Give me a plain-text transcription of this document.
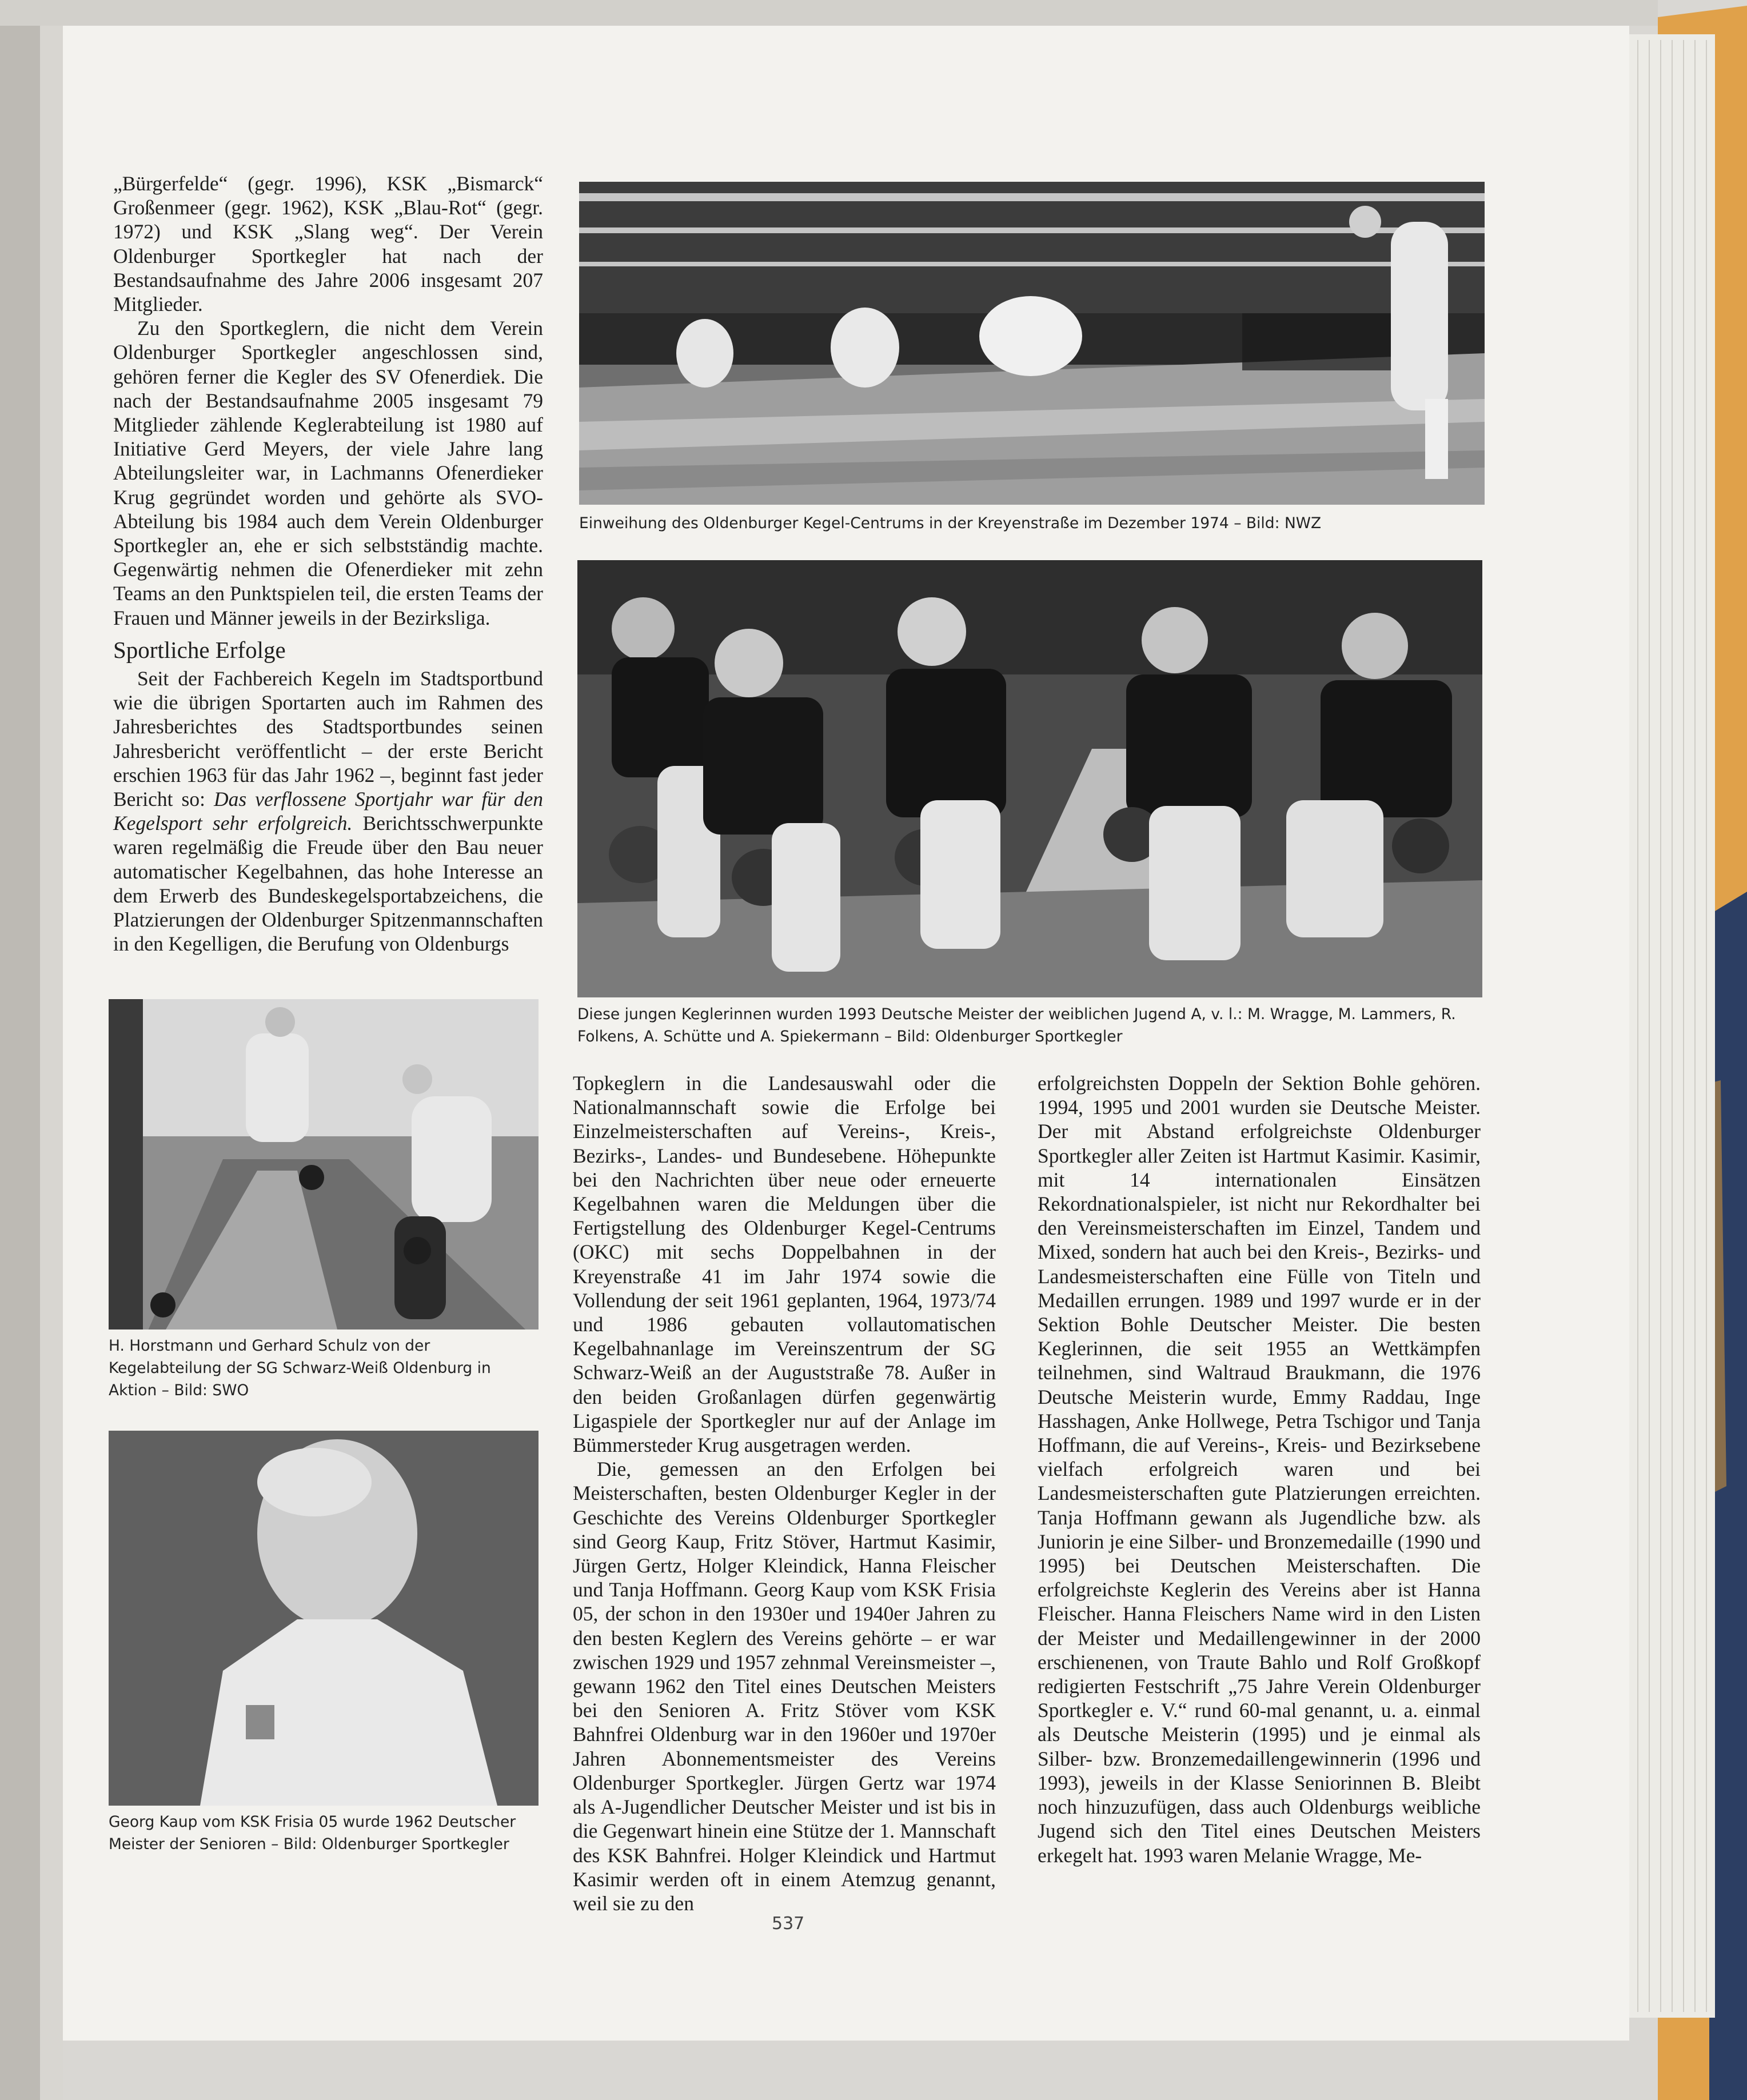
„Bürgerfelde“ (gegr. 1996), KSK „Bismarck“ Großenmeer (gegr. 1962), KSK „Blau-Rot“ (gegr. 1972) und KSK „Slang weg“. Der Verein Oldenburger Sportkegler hat nach der Bestandsaufnahme des Jahre 2006 insgesamt 207 Mitglieder.

Zu den Sportkeglern, die nicht dem Verein Oldenburger Sportkegler angeschlossen sind, gehören ferner die Kegler des SV Ofenerdiek. Die nach der Bestandsaufnahme 2005 insgesamt 79 Mitglieder zählende Keglerabteilung ist 1980 auf Initiative Gerd Meyers, der viele Jahre lang Abteilungsleiter war, in Lachmanns Ofenerdieker Krug gegründet worden und gehörte als SVO-Abteilung bis 1984 auch dem Verein Oldenburger Sportkegler an, ehe er sich selbstständig machte. Gegenwärtig nehmen die Ofenerdieker mit zehn Teams an den Punktspielen teil, die ersten Teams der Frauen und Männer jeweils in der Bezirksliga.

Sportliche Erfolge

Seit der Fachbereich Kegeln im Stadtsportbund wie die übrigen Sportarten auch im Rahmen des Jahresberichtes des Stadtsportbundes seinen Jahresbericht veröffentlicht – der erste Bericht erschien 1963 für das Jahr 1962 –, beginnt fast jeder Bericht so: Das verflossene Sportjahr war für den Kegelsport sehr erfolgreich. Berichtsschwerpunkte waren regelmäßig die Freude über den Bau neuer automatischer Kegelbahnen, das hohe Interesse an dem Erwerb des Bundeskegelsportabzeichens, die Platzierungen der Oldenburger Spitzenmannschaften in den Kegelligen, die Berufung von Oldenburgs

Einweihung des Oldenburger Kegel-Centrums in der Kreyenstraße im Dezember 1974 – Bild: NWZ
Diese jungen Keglerinnen wurden 1993 Deutsche Meister der weiblichen Jugend A, v. l.: M. Wragge, M. Lammers, R. Folkens, A. Schütte und A. Spiekermann – Bild: Oldenburger Sportkegler
H. Horstmann und Gerhard Schulz von der Kegelabteilung der SG Schwarz-Weiß Oldenburg in Aktion – Bild: SWO
Georg Kaup vom KSK Frisia 05 wurde 1962 Deutscher Meister der Senioren – Bild: Oldenburger Sportkegler

Topkeglern in die Landesauswahl oder die Nationalmannschaft sowie die Erfolge bei Einzelmeisterschaften auf Vereins-, Kreis-, Bezirks-, Landes- und Bundesebene. Höhepunkte bei den Nachrichten über neue oder erneuerte Kegelbahnen waren die Meldungen über die Fertigstellung des Oldenburger Kegel-Centrums (OKC) mit sechs Doppelbahnen in der Kreyenstraße 41 im Jahr 1974 sowie die Vollendung der seit 1961 geplanten, 1964, 1973/74 und 1986 gebauten vollautomatischen Kegelbahnanlage im Vereinszentrum der SG Schwarz-Weiß an der Auguststraße 78. Außer in den beiden Großanlagen dürfen gegenwärtig Ligaspiele der Sportkegler nur auf der Anlage im Bümmersteder Krug ausgetragen werden.

Die, gemessen an den Erfolgen bei Meisterschaften, besten Oldenburger Kegler in der Geschichte des Vereins Oldenburger Sportkegler sind Georg Kaup, Fritz Stöver, Hartmut Kasimir, Jürgen Gertz, Holger Kleindick, Hanna Fleischer und Tanja Hoffmann. Georg Kaup vom KSK Frisia 05, der schon in den 1930er und 1940er Jahren zu den besten Keglern des Vereins gehörte – er war zwischen 1929 und 1957 zehnmal Vereinsmeister –, gewann 1962 den Titel eines Deutschen Meisters bei den Senioren A. Fritz Stöver vom KSK Bahnfrei Oldenburg war in den 1960er und 1970er Jahren Abonnementsmeister des Vereins Oldenburger Sportkegler. Jürgen Gertz war 1974 als A-Jugendlicher Deutscher Meister und ist bis in die Gegenwart hinein eine Stütze der 1. Mannschaft des KSK Bahnfrei. Holger Kleindick und Hartmut Kasimir werden oft in einem Atemzug genannt, weil sie zu den

erfolgreichsten Doppeln der Sektion Bohle gehören. 1994, 1995 und 2001 wurden sie Deutsche Meister. Der mit Abstand erfolgreichste Oldenburger Sportkegler aller Zeiten ist Hartmut Kasimir. Kasimir, mit 14 internationalen Einsätzen Rekordnationalspieler, ist nicht nur Rekordhalter bei den Vereinsmeisterschaften im Einzel, Tandem und Mixed, sondern hat auch bei den Kreis-, Bezirks- und Landesmeisterschaften eine Fülle von Titeln und Medaillen errungen. 1989 und 1997 wurde er in der Sektion Bohle Deutscher Meister. Die besten Keglerinnen, die seit 1955 an Wettkämpfen teilnehmen, sind Waltraud Braukmann, die 1976 Deutsche Meisterin wurde, Emmy Raddau, Inge Hasshagen, Anke Hollwege, Petra Tschigor und Tanja Hoffmann, die auf Vereins-, Kreis- und Bezirksebene vielfach erfolgreich waren und bei Landesmeisterschaften gute Platzierungen erreichten. Tanja Hoffmann gewann als Jugendliche bzw. als Juniorin je eine Silber- und Bronzemedaille (1990 und 1995) bei Deutschen Meisterschaften. Die erfolgreichste Keglerin des Vereins aber ist Hanna Fleischer. Hanna Fleischers Name wird in den Listen der Meister und Medaillengewinner in der 2000 erschienenen, von Traute Bahlo und Rolf Großkopf redigierten Festschrift „75 Jahre Verein Oldenburger Sportkegler e. V.“ rund 60-mal genannt, u. a. einmal als Deutsche Meisterin (1995) und je einmal als Silber- bzw. Bronzemedaillengewinnerin (1996 und 1993), jeweils in der Klasse Seniorinnen B. Bleibt noch hinzuzufügen, dass auch Oldenburgs weibliche Jugend sich den Titel eines Deutschen Meisters erkegelt hat. 1993 waren Melanie Wragge, Me-

537
